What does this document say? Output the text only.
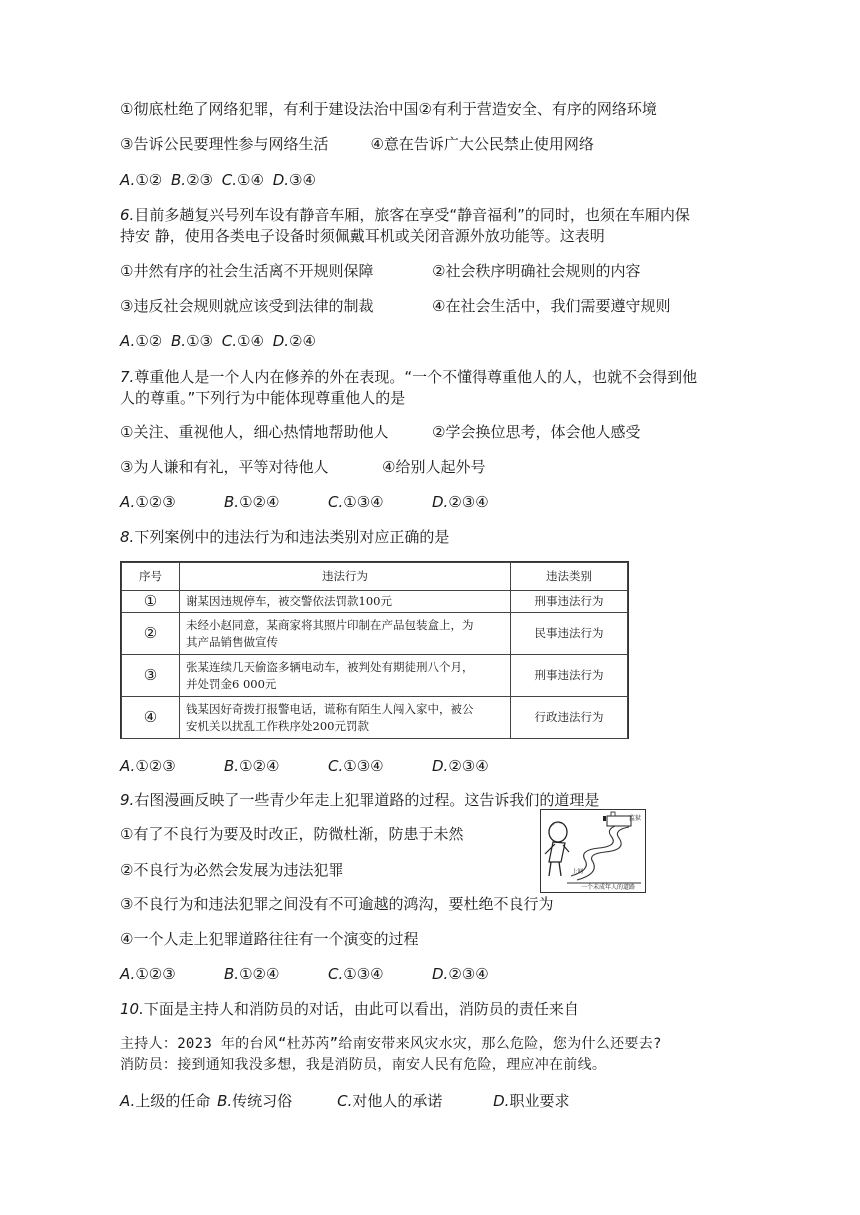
①彻底杜绝了网络犯罪，有利于建设法治中国②有利于营造安全、有序的网络环境
③告诉公民要理性参与网络生活	④意在告诉广大公民禁止使用网络
A.①② B.②③ C.①④ D.③④
6.目前多趟复兴号列车设有静音车厢，旅客在享受“静音福利”的同时，也须在车厢内保
持安 静，使用各类电子设备时须佩戴耳机或关闭音源外放功能等。这表明
①井然有序的社会生活离不开规则保障	②社会秩序明确社会规则的内容
③违反社会规则就应该受到法律的制裁	④在社会生活中，我们需要遵守规则
A.①② B.①③ C.①④ D.②④
7.尊重他人是一个人内在修养的外在表现。“一个不懂得尊重他人的人，也就不会得到他
人的尊重。”下列行为中能体现尊重他人的是
①关注、重视他人，细心热情地帮助他人	②学会换位思考，体会他人感受
③为人谦和有礼，平等对待他人	④给别人起外号
A.①②③	B.①②④	C.①③④	D.②③④
8.下列案例中的违法行为和违法类别对应正确的是
序号	违法行为	违法类别
①	谢某因违规停车，被交警依法罚款100元	刑事违法行为
②	未经小赵同意，某商家将其照片印制在产品包装盒上，为
其产品销售做宣传	民事违法行为
③	张某连续几天偷盗多辆电动车，被判处有期徒刑八个月，
并处罚金6 000元	刑事违法行为
④	钱某因好奇拨打报警电话，谎称有陌生人闯入家中，被公
安机关以扰乱工作秩序处200元罚款	行政违法行为
A.①②③	B.①②④	C.①③④	D.②③④
9.右图漫画反映了一些青少年走上犯罪道路的过程。这告诉我们的道理是
①有了不良行为要及时改正，防微杜渐，防患于未然
②不良行为必然会发展为违法犯罪
③不良行为和违法犯罪之间没有不可逾越的鸿沟，要杜绝不良行为
④一个人走上犯罪道路往往有一个演变的过程
监狱
上网
一个未成年人的道路
A.①②③	B.①②④	C.①③④	D.②③④
10.下面是主持人和消防员的对话，由此可以看出，消防员的责任来自
主持人：2023 年的台风“杜苏芮”给南安带来风灾水灾，那么危险，您为什么还要去?
消防员：接到通知我没多想，我是消防员，南安人民有危险，理应冲在前线。
A.上级的任命 B.传统习俗	C.对他人的承诺	D.职业要求
